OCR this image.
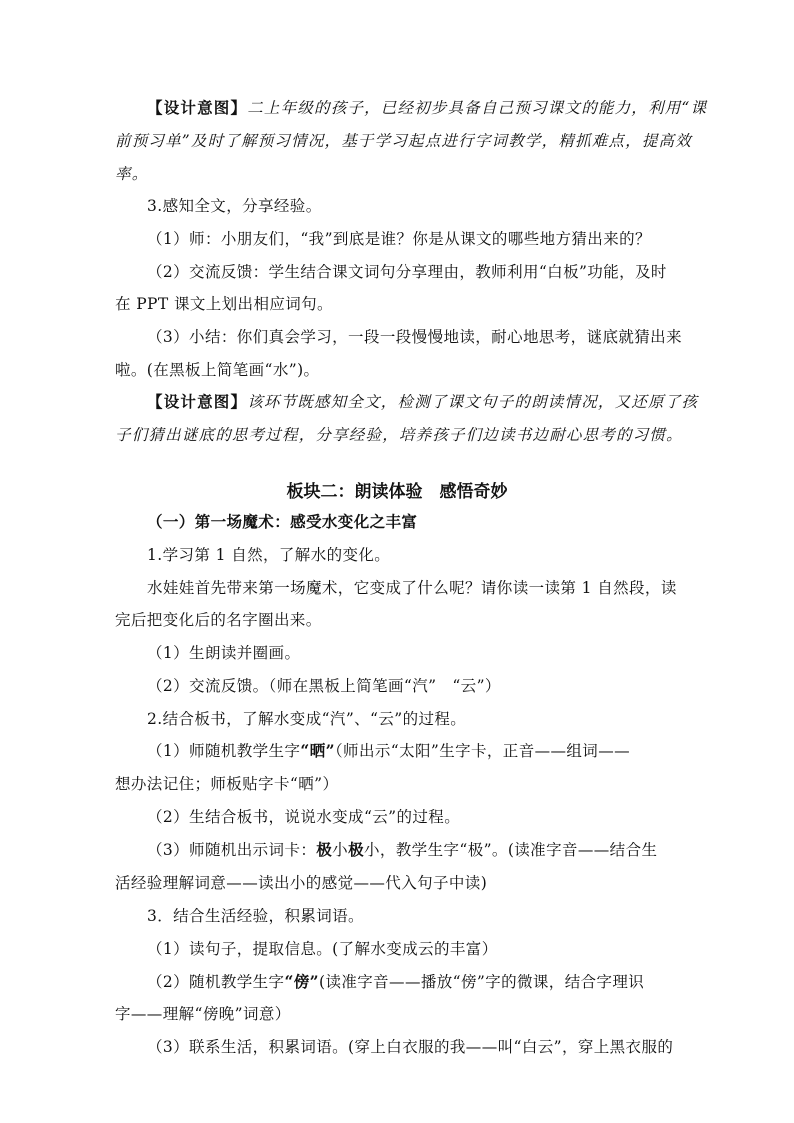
【设计意图】二上年级的孩子，已经初步具备自己预习课文的能力，利用“课

前预习单”及时了解预习情况，基于学习起点进行字词教学，精抓难点，提高效

率。

3.感知全文，分享经验。

（1）师：小朋友们，“我”到底是谁？你是从课文的哪些地方猜出来的？

（2）交流反馈：学生结合课文词句分享理由，教师利用“白板”功能，及时

在 PPT 课文上划出相应词句。

（3）小结：你们真会学习，一段一段慢慢地读，耐心地思考，谜底就猜出来

啦。(在黑板上简笔画“水”)。

【设计意图】该环节既感知全文，检测了课文句子的朗读情况，又还原了孩

子们猜出谜底的思考过程，分享经验，培养孩子们边读书边耐心思考的习惯。

板块二：朗读体验　感悟奇妙

（一）第一场魔术：感受水变化之丰富

1.学习第 1 自然，了解水的变化。

水娃娃首先带来第一场魔术，它变成了什么呢？请你读一读第 1 自然段，读

完后把变化后的名字圈出来。

（1）生朗读并圈画。

（2）交流反馈。（师在黑板上简笔画“汽”　“云”）

2.结合板书，了解水变成“汽”、“云”的过程。

（1）师随机教学生字“晒”（师出示“太阳”生字卡，正音——组词——

想办法记住；师板贴字卡“晒”）

（2）生结合板书，说说水变成“云”的过程。

（3）师随机出示词卡：极小极小，教学生字“极”。(读准字音——结合生

活经验理解词意——读出小的感觉——代入句子中读)

3．结合生活经验，积累词语。

（1）读句子，提取信息。(了解水变成云的丰富）

（2）随机教学生字“傍”(读准字音——播放“傍”字的微课，结合字理识

字——理解“傍晚”词意）

（3）联系生活，积累词语。(穿上白衣服的我——叫“白云”，穿上黑衣服的
